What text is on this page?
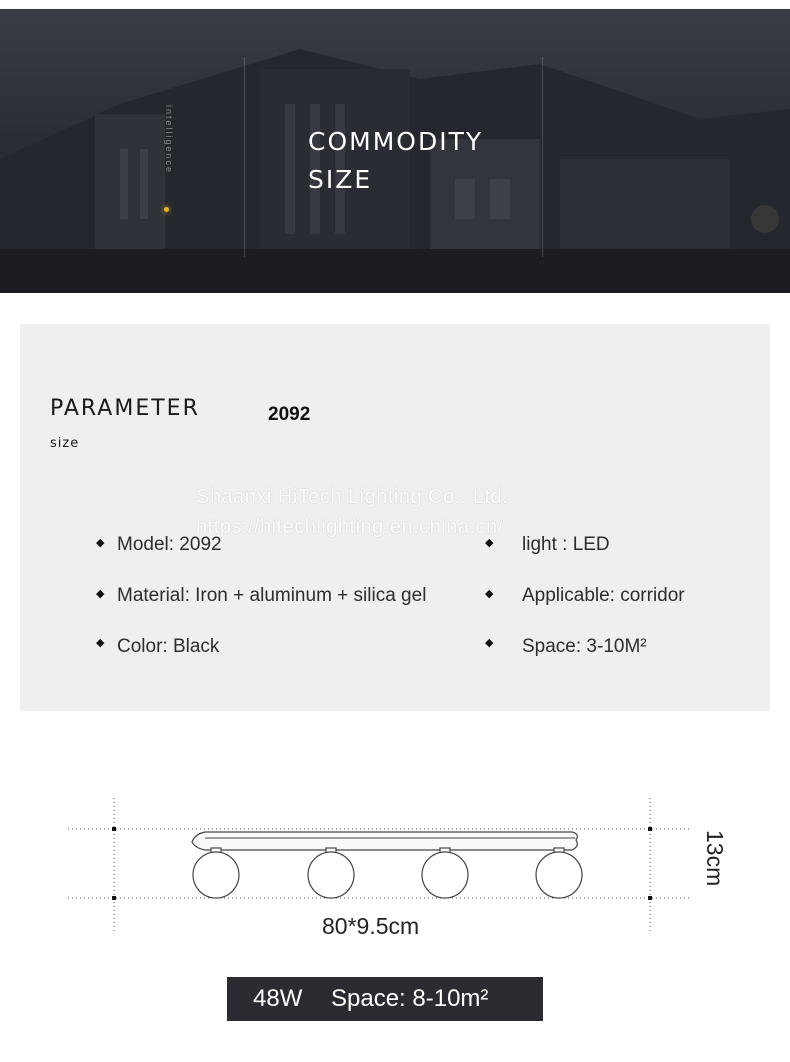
intelligence	COMMODITY
SIZE
PARAMETER
size
2092
Shaanxi HiTech Lighting Co., Ltd.
https://hitechlighting.en.china.cn/
◆ Model: 2092
◆ Material: Iron + aluminum + silica gel
◆ Color: Black
◆ light : LED
◆ Applicable: corridor
◆ Space: 3-10M²
80*9.5cm
13cm
48W Space: 8-10m²
